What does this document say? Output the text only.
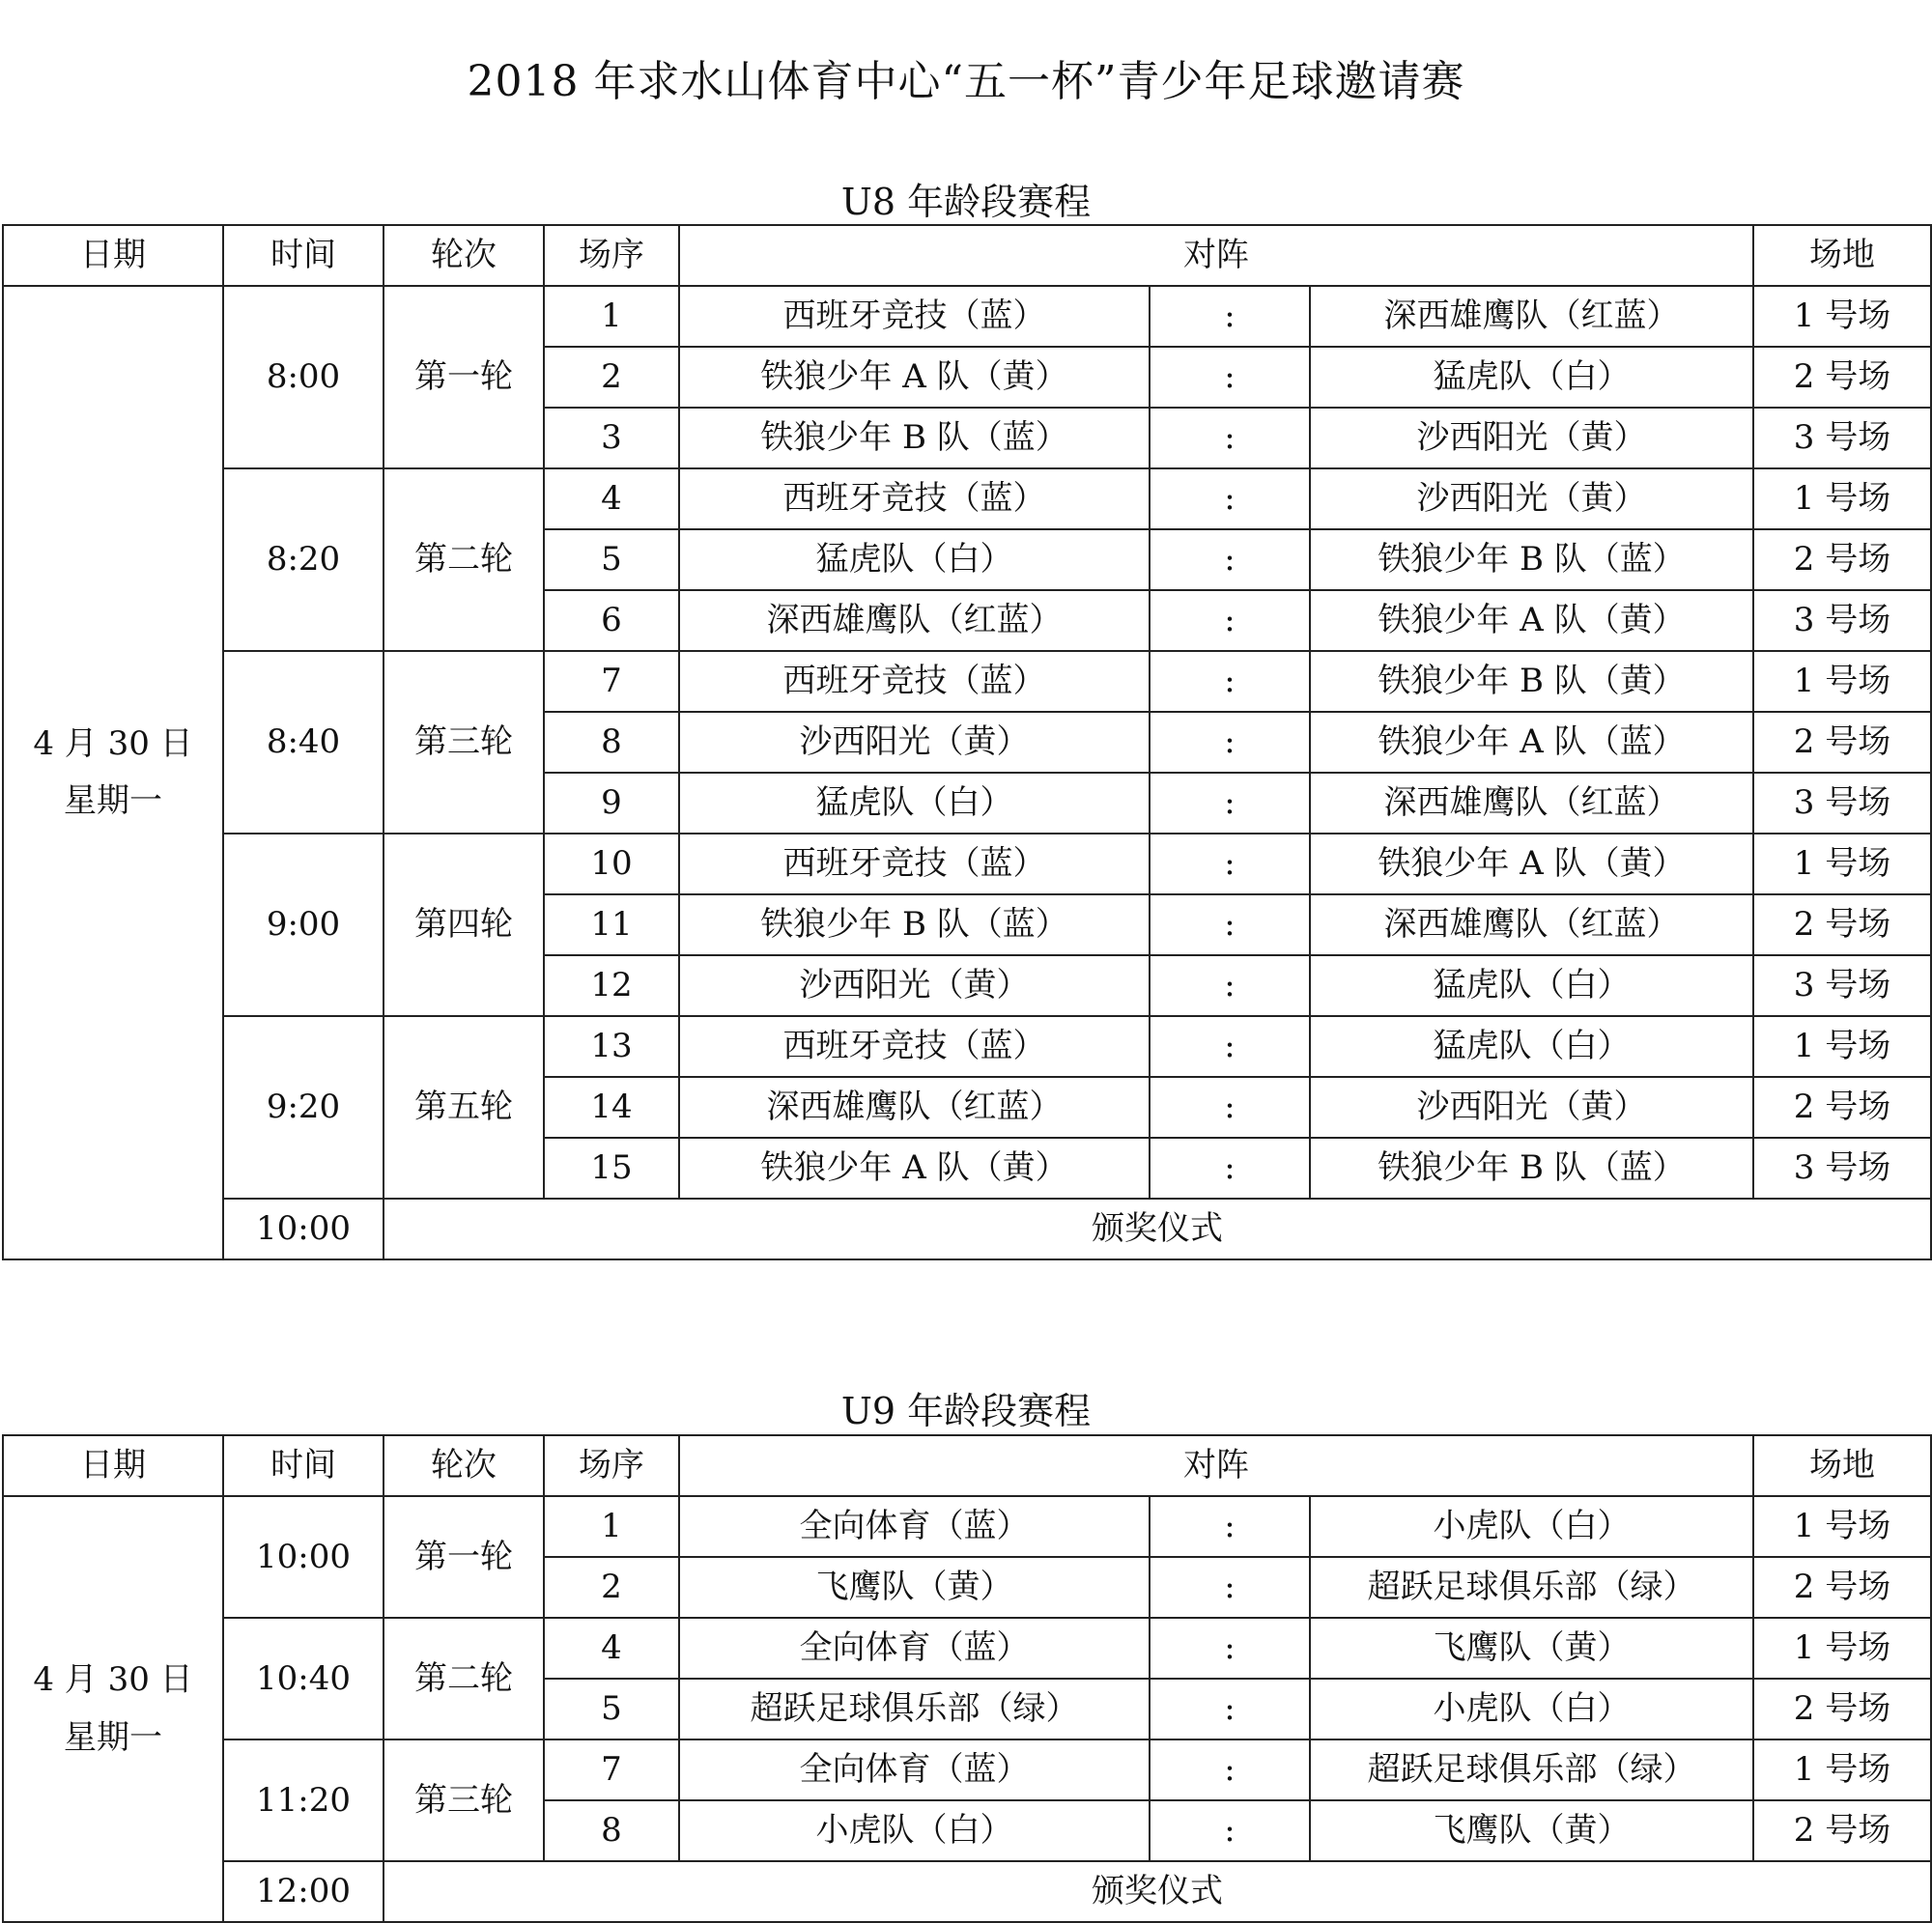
2018 年求水山体育中心“五一杯”青少年足球邀请赛
U8 年龄段赛程
日期	时间	轮次	场序	对阵			场地

4 月 30 日
星期一	8:00	第一轮	1	西班牙竞技（蓝）	:	深西雄鹰队（红蓝）	1 号场
			2	铁狼少年 A 队（黄）	:	猛虎队（白）	2 号场
			3	铁狼少年 B 队（蓝）	:	沙西阳光（黄）	3 号场
	8:20	第二轮	4	西班牙竞技（蓝）	:	沙西阳光（黄）	1 号场
			5	猛虎队（白）	:	铁狼少年 B 队（蓝）	2 号场
			6	深西雄鹰队（红蓝）	:	铁狼少年 A 队（黄）	3 号场
	8:40	第三轮	7	西班牙竞技（蓝）	:	铁狼少年 B 队（黄）	1 号场
			8	沙西阳光（黄）	:	铁狼少年 A 队（蓝）	2 号场
			9	猛虎队（白）	:	深西雄鹰队（红蓝）	3 号场
	9:00	第四轮	10	西班牙竞技（蓝）	:	铁狼少年 A 队（黄）	1 号场
			11	铁狼少年 B 队（蓝）	:	深西雄鹰队（红蓝）	2 号场
			12	沙西阳光（黄）	:	猛虎队（白）	3 号场
	9:20	第五轮	13	西班牙竞技（蓝）	:	猛虎队（白）	1 号场
			14	深西雄鹰队（红蓝）	:	沙西阳光（黄）	2 号场
			15	铁狼少年 A 队（黄）	:	铁狼少年 B 队（蓝）	3 号场
	10:00	颁奖仪式					
U9 年龄段赛程
日期	时间	轮次	场序	对阵			场地

4 月 30 日
星期一	10:00	第一轮	1	全向体育（蓝）	:	小虎队（白）	1 号场
			2	飞鹰队（黄）	:	超跃足球俱乐部（绿）	2 号场
	10:40	第二轮	4	全向体育（蓝）	:	飞鹰队（黄）	1 号场
			5	超跃足球俱乐部（绿）	:	小虎队（白）	2 号场
	11:20	第三轮	7	全向体育（蓝）	:	超跃足球俱乐部（绿）	1 号场
			8	小虎队（白）	:	飞鹰队（黄）	2 号场
	12:00	颁奖仪式					
